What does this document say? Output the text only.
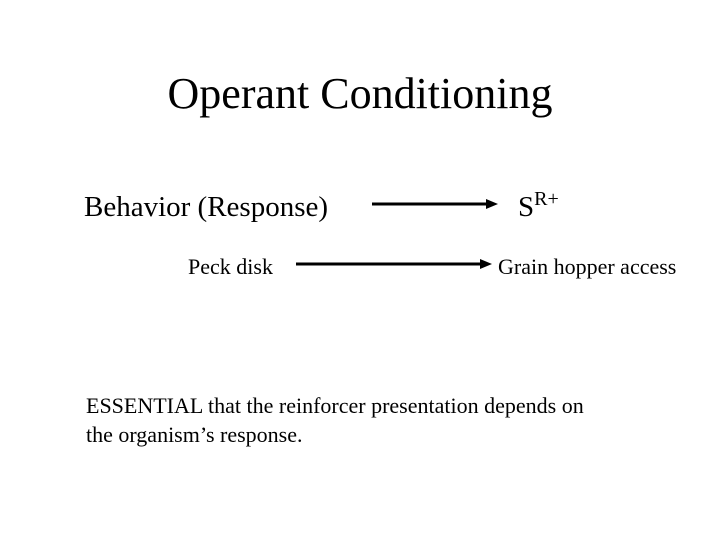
Operant Conditioning
Behavior (Response)	$S^{R+}$
Peck disk	Grain hopper access
ESSENTIAL that the reinforcer presentation depends on
the organism’s response.
